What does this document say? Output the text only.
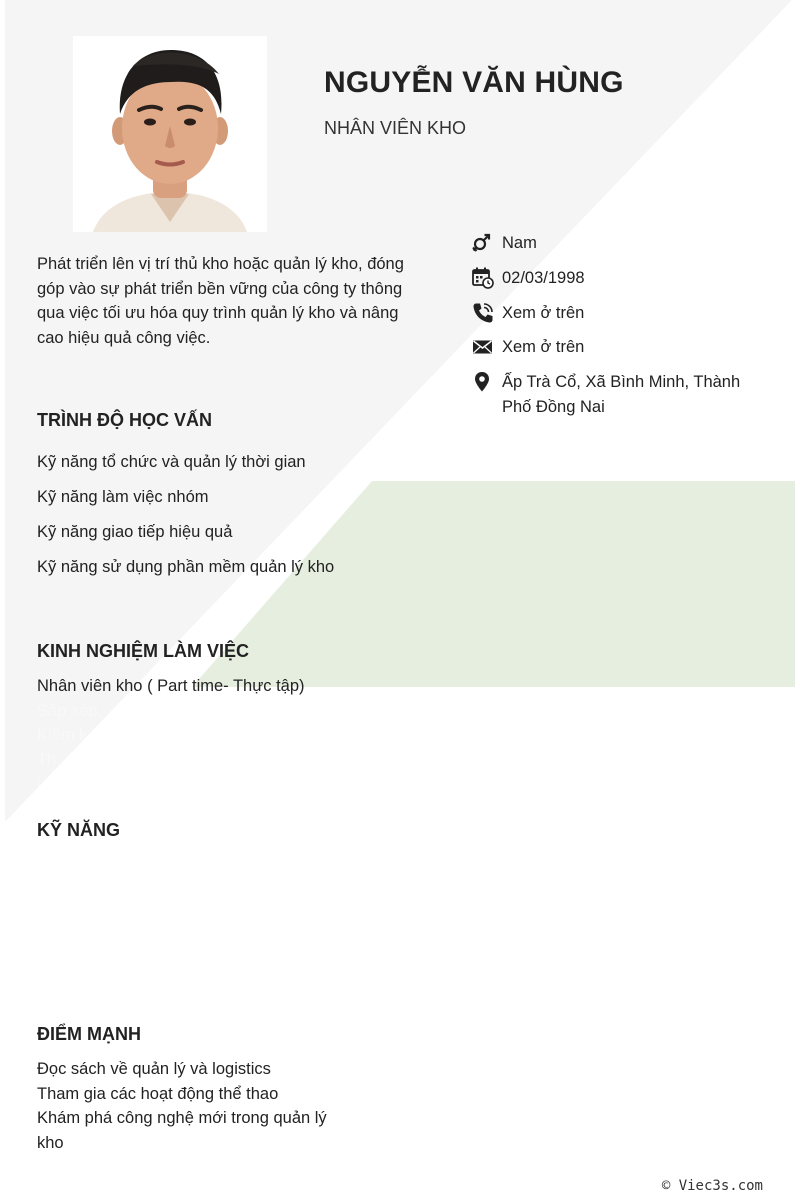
NGUYỄN VĂN HÙNG
NHÂN VIÊN KHO
Phát triển lên vị trí thủ kho hoặc quản lý kho, đóng góp vào sự phát triển bền vững của công ty thông qua việc tối ưu hóa quy trình quản lý kho và nâng cao hiệu quả công việc.
Nam
02/03/1998
Xem ở trên
Xem ở trên
Ấp Trà Cổ, Xã Bình Minh, Thành Phố Đồng Nai
TRÌNH ĐỘ HỌC VẤN
Kỹ năng tổ chức và quản lý thời gian
Kỹ năng làm việc nhóm
Kỹ năng giao tiếp hiệu quả
Kỹ năng sử dụng phần mềm quản lý kho
KINH NGHIỆM LÀM VIỆC
Nhân viên kho ( Part time- Thực tập)
Sắp xếp, ...
Kiểm k...
Th...
L...
KỸ NĂNG
ĐIỂM MẠNH
Đọc sách về quản lý và logistics
Tham gia các hoạt động thể thao
Khám phá công nghệ mới trong quản lý kho
© Viec3s.com
